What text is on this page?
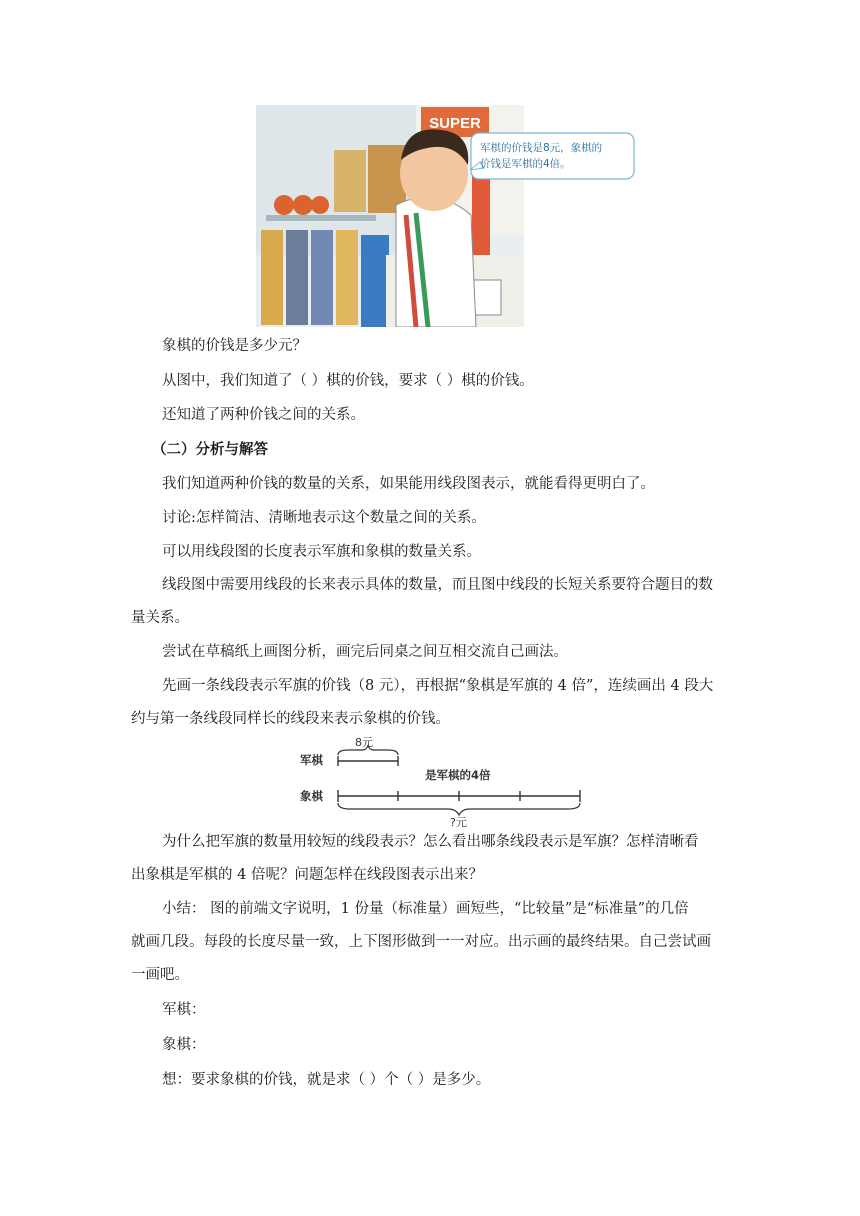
SUPER
军棋的价钱是8元，象棋的
价钱是军棋的4倍。
象棋的价钱是多少元？
从图中，我们知道了（ ）棋的价钱，要求（ ）棋的价钱。
还知道了两种价钱之间的关系。
（二）分析与解答
我们知道两种价钱的数量的关系，如果能用线段图表示，就能看得更明白了。
讨论:怎样简洁、清晰地表示这个数量之间的关系。
可以用线段图的长度表示军旗和象棋的数量关系。
线段图中需要用线段的长来表示具体的数量，而且图中线段的长短关系要符合题目的数
量关系。
尝试在草稿纸上画图分析，画完后同桌之间互相交流自己画法。
先画一条线段表示军旗的价钱（8 元），再根据“象棋是军旗的 4 倍”，连续画出 4 段大
约与第一条线段同样长的线段来表示象棋的价钱。
军棋
象棋
8元
是军棋的4倍
?元
为什么把军旗的数量用较短的线段表示？怎么看出哪条线段表示是军旗？怎样清晰看
出象棋是军棋的 4 倍呢？问题怎样在线段图表示出来？
小结： 图的前端文字说明，1 份量（标准量）画短些，“比较量”是“标准量”的几倍
就画几段。每段的长度尽量一致，上下图形做到一一对应。出示画的最终结果。自己尝试画
一画吧。
军棋：
象棋：
想：要求象棋的价钱，就是求（ ）个（ ）是多少。
